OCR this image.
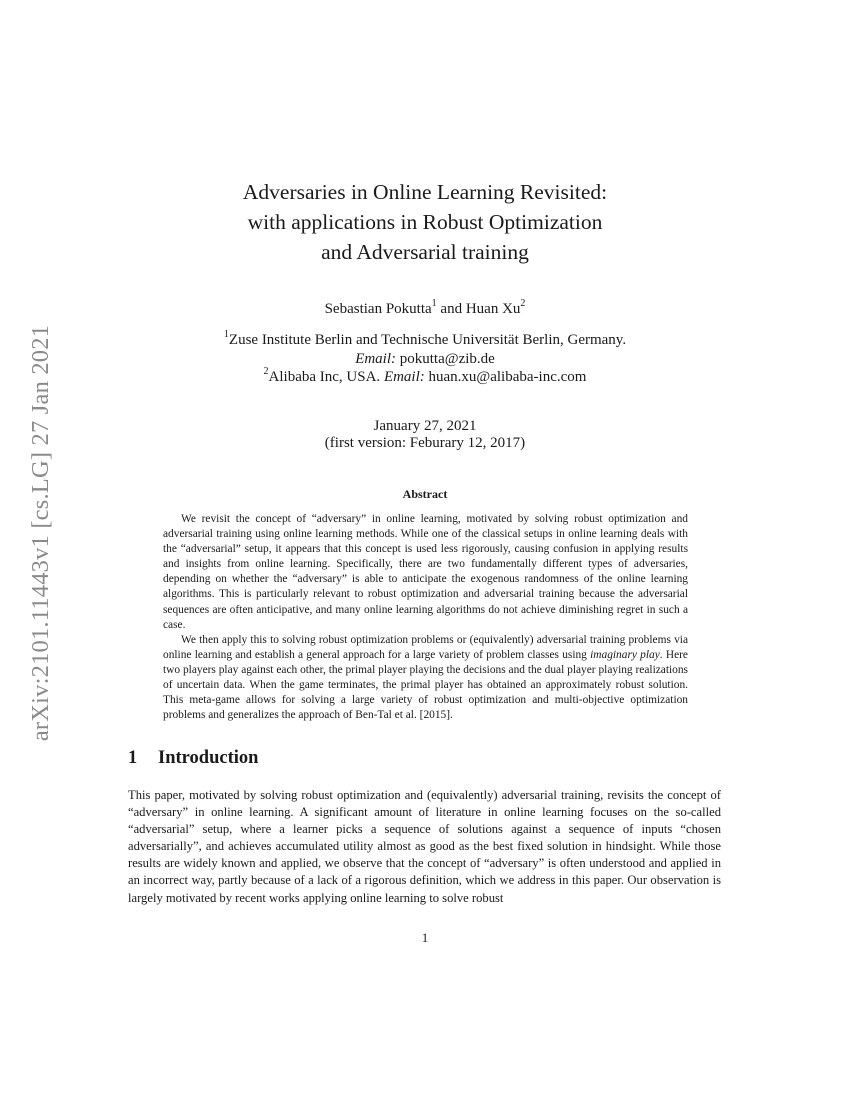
arXiv:2101.11443v1 [cs.LG] 27 Jan 2021
Adversaries in Online Learning Revisited:
with applications in Robust Optimization
and Adversarial training
Sebastian Pokutta$^1$ and Huan Xu$^2$
$^1$Zuse Institute Berlin and Technische Universität Berlin, Germany.
Email: pokutta@zib.de
$^2$Alibaba Inc, USA. Email: huan.xu@alibaba-inc.com
January 27, 2021
(first version: Feburary 12, 2017)
Abstract

We revisit the concept of “adversary” in online learning, motivated by solving robust optimization and adversarial training using online learning methods. While one of the classical setups in online learning deals with the “adversarial” setup, it appears that this concept is used less rigorously, causing confusion in applying results and insights from online learning. Specifically, there are two fundamentally different types of adversaries, depending on whether the “adversary” is able to anticipate the exogenous randomness of the online learning algorithms. This is particularly relevant to robust optimization and adversarial training because the adversarial sequences are often anticipative, and many online learning algorithms do not achieve diminishing regret in such a case.

We then apply this to solving robust optimization problems or (equivalently) adversarial training problems via online learning and establish a general approach for a large variety of problem classes using imaginary play. Here two players play against each other, the primal player playing the decisions and the dual player playing realizations of uncertain data. When the game terminates, the primal player has obtained an approximately robust solution. This meta-game allows for solving a large variety of robust optimization and multi-objective optimization problems and generalizes the approach of Ben-Tal et al. [2015].

1 Introduction

This paper, motivated by solving robust optimization and (equivalently) adversarial training, revisits the concept of “adversary” in online learning. A significant amount of literature in online learning focuses on the so-called “adversarial” setup, where a learner picks a sequence of solutions against a sequence of inputs “chosen adversarially”, and achieves accumulated utility almost as good as the best fixed solution in hindsight. While those results are widely known and applied, we observe that the concept of “adversary” is often understood and applied in an incorrect way, partly because of a lack of a rigorous definition, which we address in this paper. Our observation is largely motivated by recent works applying online learning to solve robust

1
